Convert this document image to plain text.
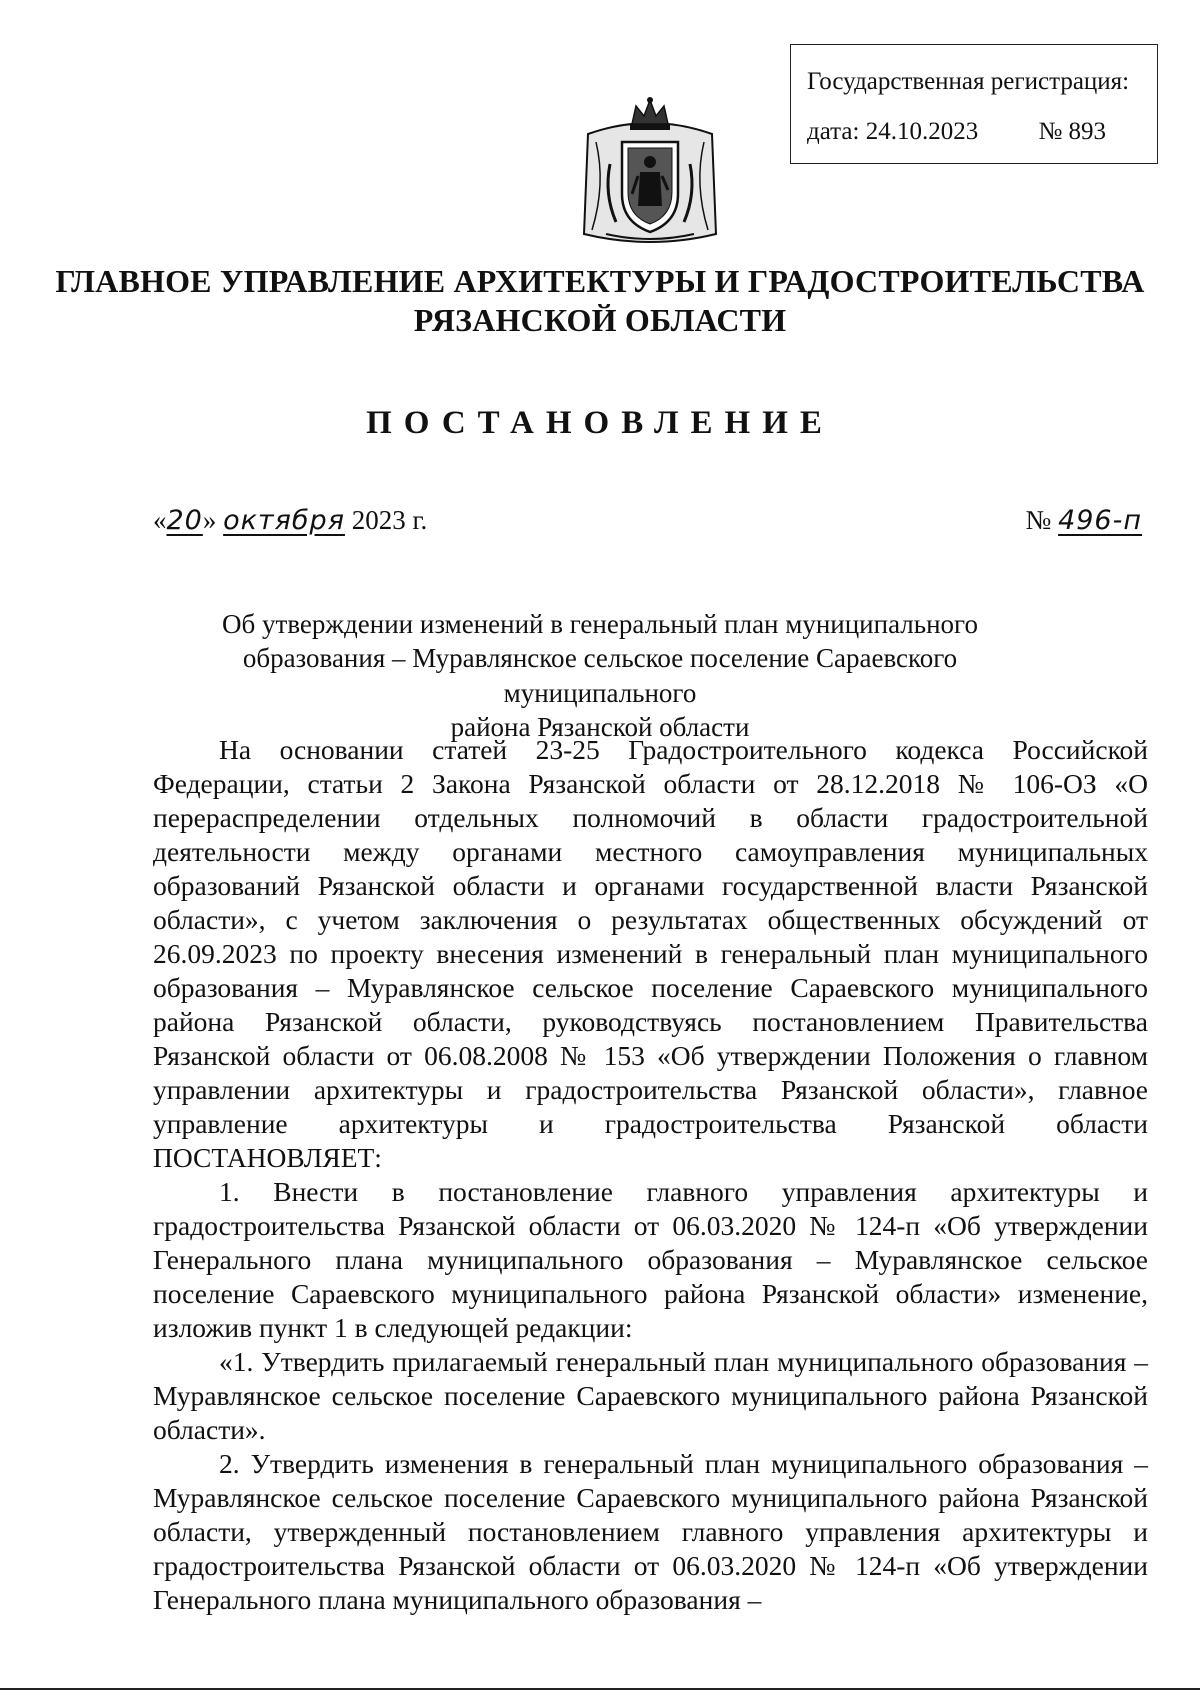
Государственная регистрация:
дата: 24.10.2023 № 893
ГЛАВНОЕ УПРАВЛЕНИЕ АРХИТЕКТУРЫ И ГРАДОСТРОИТЕЛЬСТВА
РЯЗАНСКОЙ ОБЛАСТИ
ПОСТАНОВЛЕНИЕ
«20» октября 2023 г.	№ 496-п
Об утверждении изменений в генеральный план муниципального
образования – Муравлянское сельское поселение Сараевского муниципального
района Рязанской области

На основании статей 23-25 Градостроительного кодекса Российской Федерации, статьи 2 Закона Рязанской области от 28.12.2018 № 106-ОЗ «О перераспределении отдельных полномочий в области градостроительной деятельности между органами местного самоуправления муниципальных образований Рязанской области и органами государственной власти Рязанской области», с учетом заключения о результатах общественных обсуждений от 26.09.2023 по проекту внесения изменений в генеральный план муниципального образования – Муравлянское сельское поселение Сараевского муниципального района Рязанской области, руководствуясь постановлением Правительства Рязанской области от 06.08.2008 № 153 «Об утверждении Положения о главном управлении архитектуры и градостроительства Рязанской области», главное управление архитектуры и градостроительства Рязанской области ПОСТАНОВЛЯЕТ:

1. Внести в постановление главного управления архитектуры и градостроительства Рязанской области от 06.03.2020 № 124-п «Об утверждении Генерального плана муниципального образования – Муравлянское сельское поселение Сараевского муниципального района Рязанской области» изменение, изложив пункт 1 в следующей редакции:

«1. Утвердить прилагаемый генеральный план муниципального образования – Муравлянское сельское поселение Сараевского муниципального района Рязанской области».

2. Утвердить изменения в генеральный план муниципального образования – Муравлянское сельское поселение Сараевского муниципального района Рязанской области, утвержденный постановлением главного управления архитектуры и градостроительства Рязанской области от 06.03.2020 № 124-п «Об утверждении Генерального плана муниципального образования –
